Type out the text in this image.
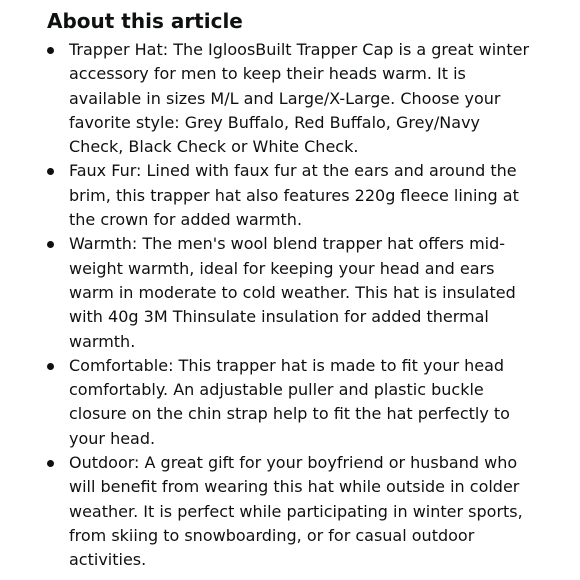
About this article
Trapper Hat: The IgloosBuilt Trapper Cap is a great winter accessory for men to keep their heads warm. It is available in sizes M/L and Large/X-Large. Choose your favorite style: Grey Buffalo, Red Buffalo, Grey/Navy Check, Black Check or White Check.
Faux Fur: Lined with faux fur at the ears and around the brim, this trapper hat also features 220g fleece lining at the crown for added warmth.
Warmth: The men's wool blend trapper hat offers mid-weight warmth, ideal for keeping your head and ears warm in moderate to cold weather. This hat is insulated with 40g 3M Thinsulate insulation for added thermal warmth.
Comfortable: This trapper hat is made to fit your head comfortably. An adjustable puller and plastic buckle closure on the chin strap help to fit the hat perfectly to your head.
Outdoor: A great gift for your boyfriend or husband who will benefit from wearing this hat while outside in colder weather. It is perfect while participating in winter sports, from skiing to snowboarding, or for casual outdoor activities.
